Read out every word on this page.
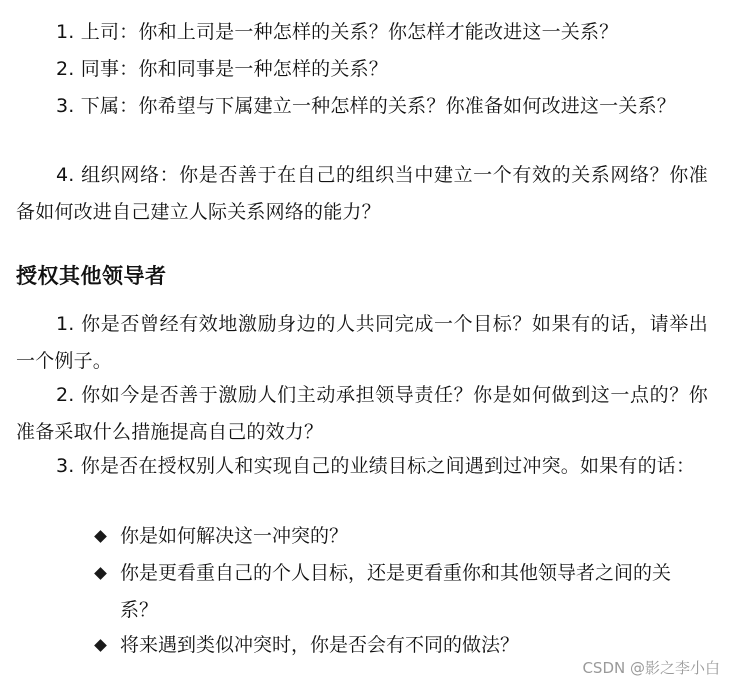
1. 上司：你和上司是一种怎样的关系？你怎样才能改进这一关系？
2. 同事：你和同事是一种怎样的关系？
3. 下属：你希望与下属建立一种怎样的关系？你准备如何改进这一关系？
4. 组织网络：你是否善于在自己的组织当中建立一个有效的关系网络？你准备如何改进自己建立人际关系网络的能力？
授权其他领导者
1. 你是否曾经有效地激励身边的人共同完成一个目标？如果有的话，请举出一个例子。
2. 你如今是否善于激励人们主动承担领导责任？你是如何做到这一点的？你准备采取什么措施提高自己的效力？
3. 你是否在授权别人和实现自己的业绩目标之间遇到过冲突。如果有的话：
你是如何解决这一冲突的？
你是更看重自己的个人目标，还是更看重你和其他领导者之间的关系？
将来遇到类似冲突时，你是否会有不同的做法？
CSDN @影之李小白
